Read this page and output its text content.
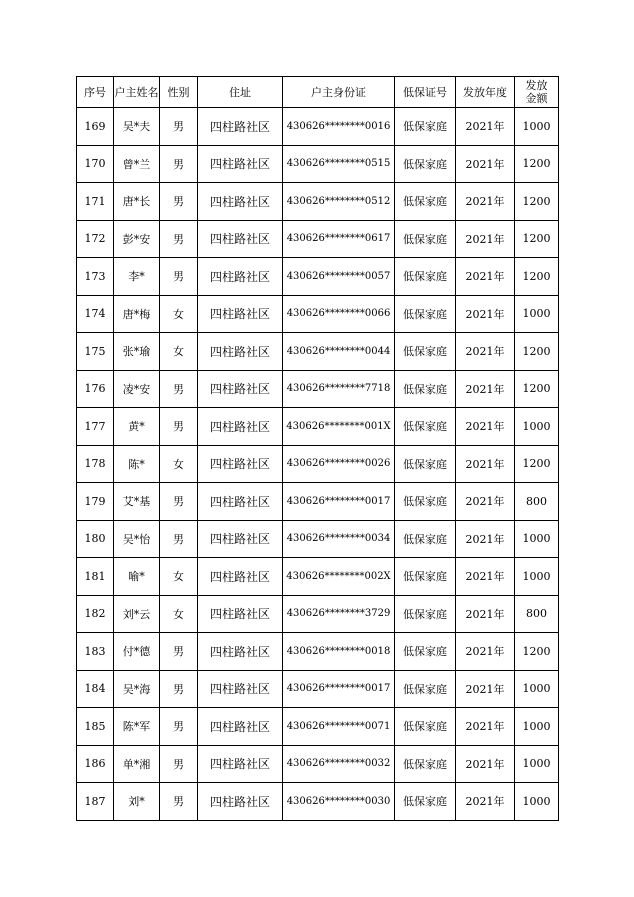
序号	户主姓名	性别	住址	户主身份证	低保证号	发放年度	发放
金额
169	吴*夫	男	四柱路社区	430626********0016	低保家庭	2021年	1000
170	曾*兰	男	四柱路社区	430626********0515	低保家庭	2021年	1200
171	唐*长	男	四柱路社区	430626********0512	低保家庭	2021年	1200
172	彭*安	男	四柱路社区	430626********0617	低保家庭	2021年	1200
173	李*	男	四柱路社区	430626********0057	低保家庭	2021年	1200
174	唐*梅	女	四柱路社区	430626********0066	低保家庭	2021年	1000
175	张*瑜	女	四柱路社区	430626********0044	低保家庭	2021年	1200
176	凌*安	男	四柱路社区	430626********7718	低保家庭	2021年	1200
177	黄*	男	四柱路社区	430626********001X	低保家庭	2021年	1000
178	陈*	女	四柱路社区	430626********0026	低保家庭	2021年	1200
179	艾*基	男	四柱路社区	430626********0017	低保家庭	2021年	800
180	吴*怡	男	四柱路社区	430626********0034	低保家庭	2021年	1000
181	喻*	女	四柱路社区	430626********002X	低保家庭	2021年	1000
182	刘*云	女	四柱路社区	430626********3729	低保家庭	2021年	800
183	付*德	男	四柱路社区	430626********0018	低保家庭	2021年	1200
184	吴*海	男	四柱路社区	430626********0017	低保家庭	2021年	1000
185	陈*军	男	四柱路社区	430626********0071	低保家庭	2021年	1000
186	单*湘	男	四柱路社区	430626********0032	低保家庭	2021年	1000
187	刘*	男	四柱路社区	430626********0030	低保家庭	2021年	1000
